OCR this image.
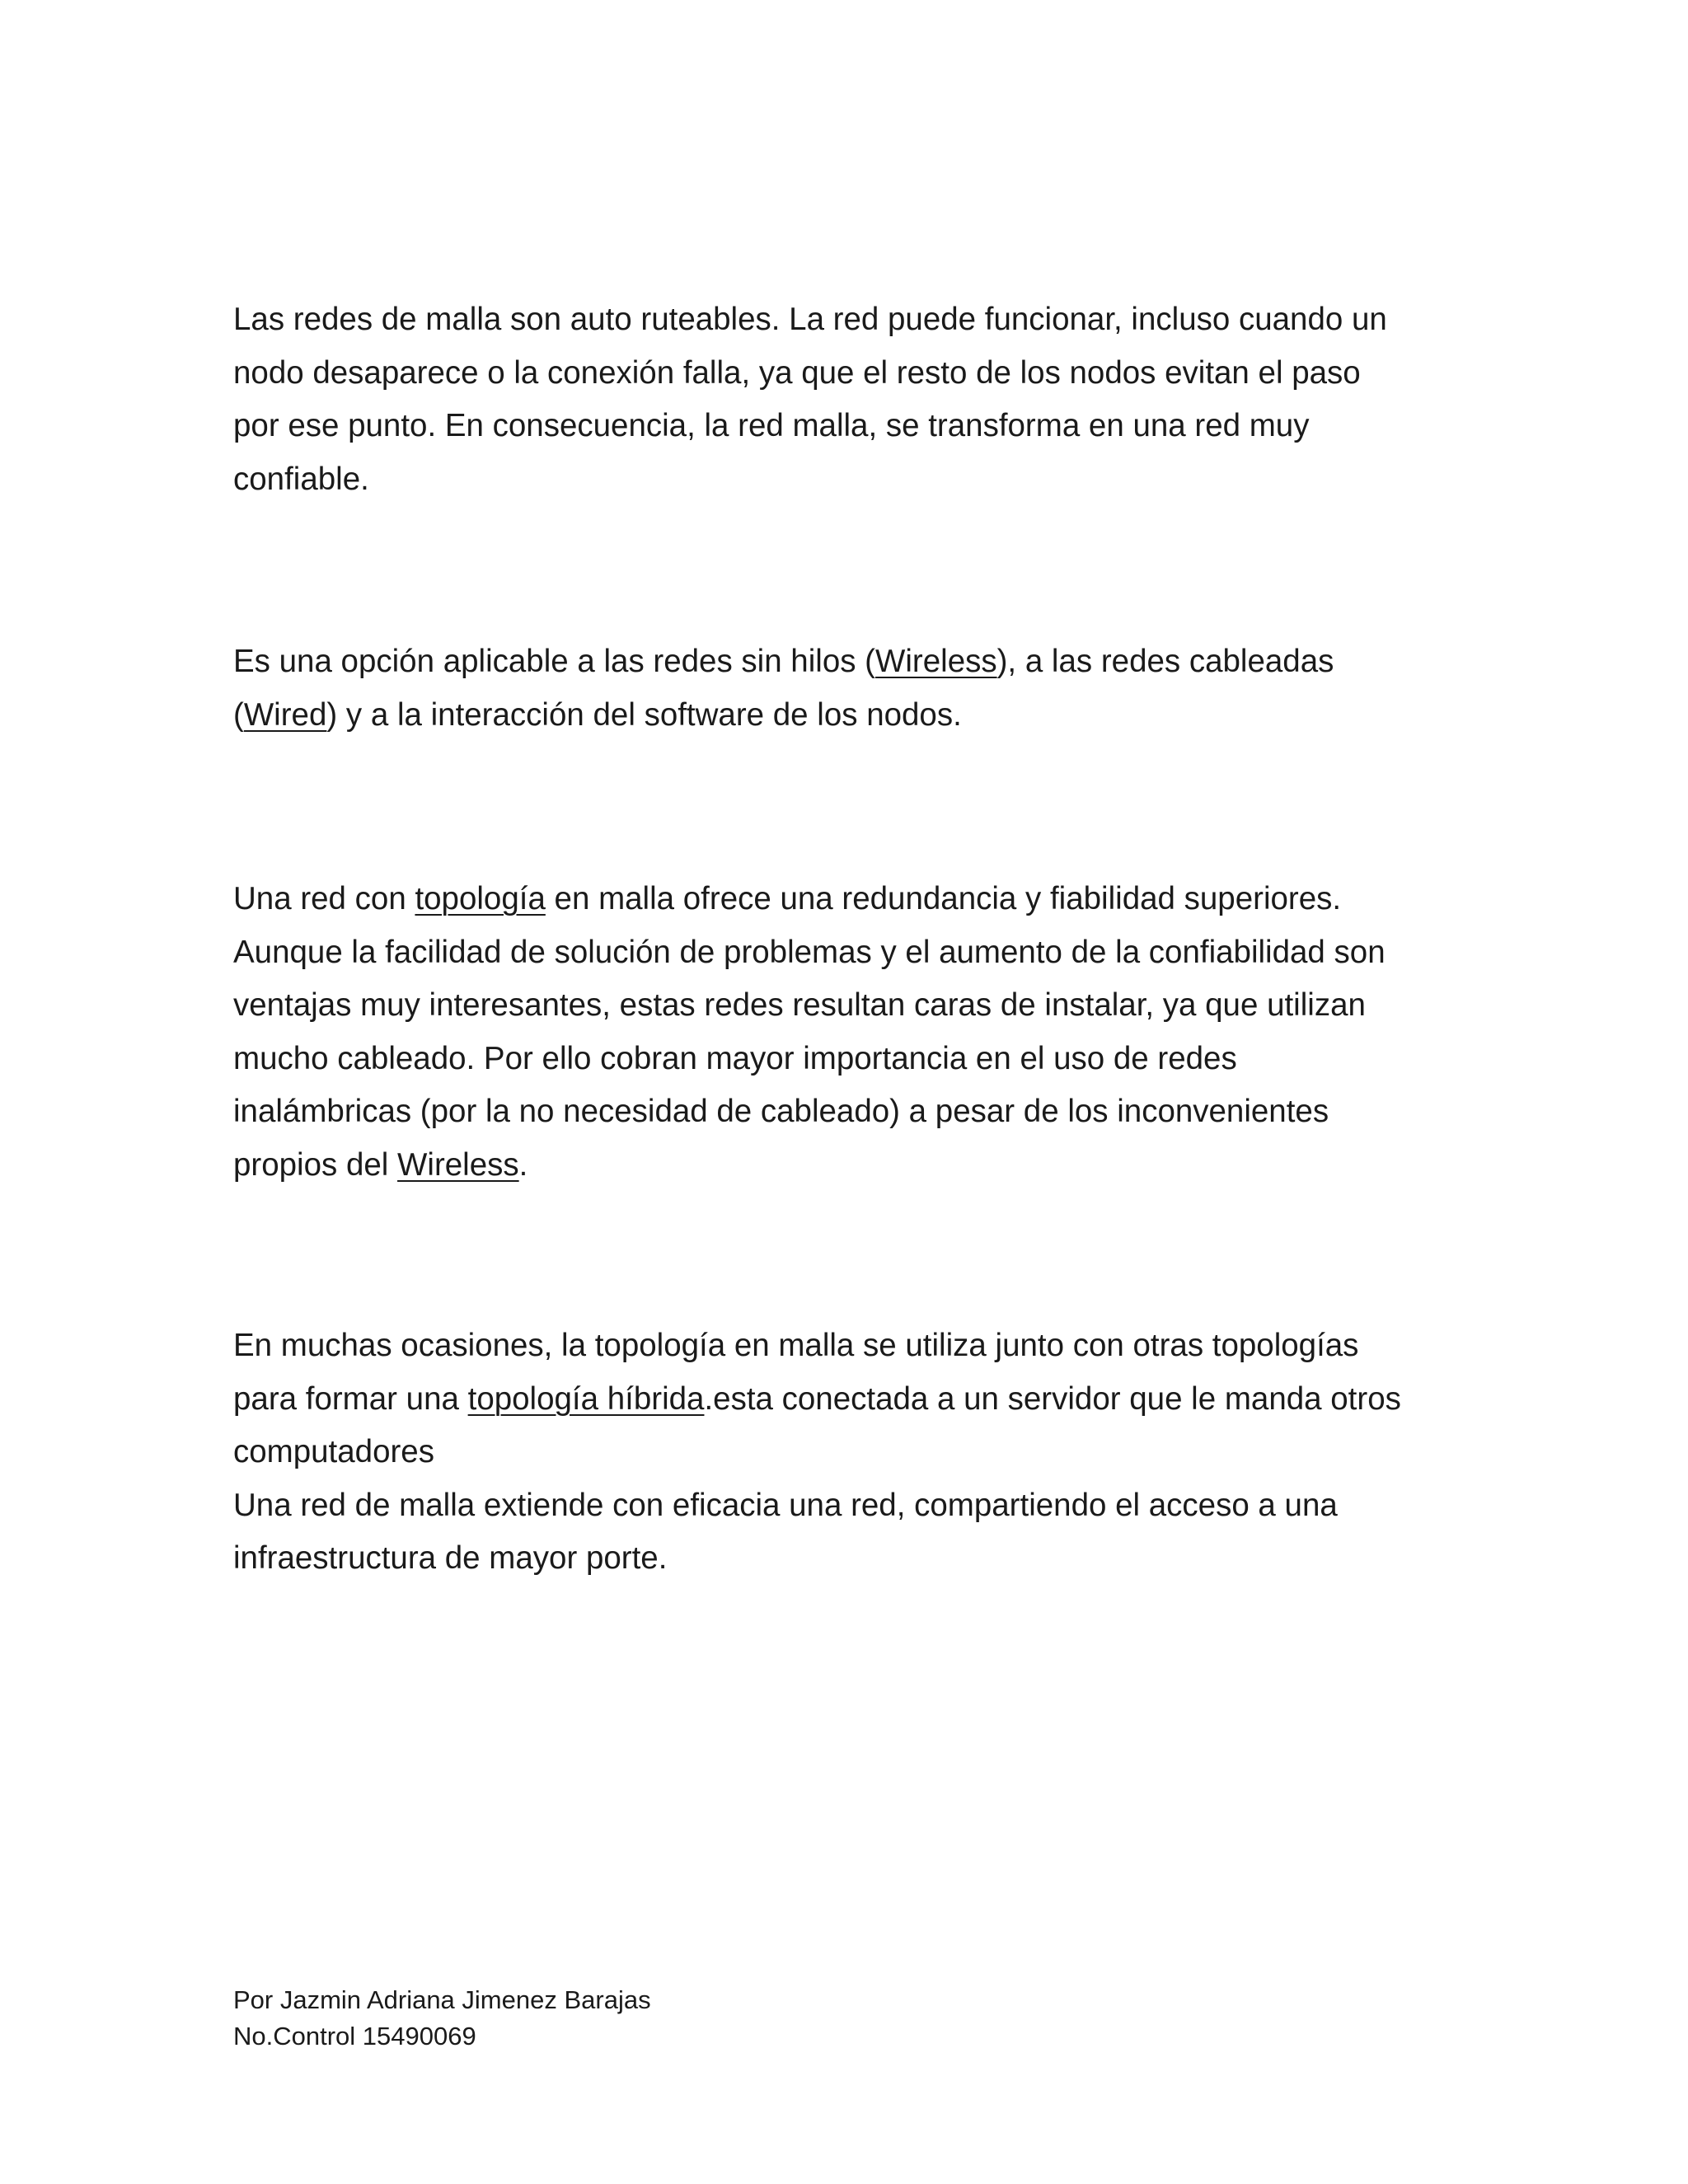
Las redes de malla son auto ruteables. La red puede funcionar, incluso cuando un
nodo desaparece o la conexión falla, ya que el resto de los nodos evitan el paso
por ese punto. En consecuencia, la red malla, se transforma en una red muy
confiable.

Es una opción aplicable a las redes sin hilos (Wireless), a las redes cableadas
(Wired) y a la interacción del software de los nodos.

Una red con topología en malla ofrece una redundancia y fiabilidad superiores.
Aunque la facilidad de solución de problemas y el aumento de la confiabilidad son
ventajas muy interesantes, estas redes resultan caras de instalar, ya que utilizan
mucho cableado. Por ello cobran mayor importancia en el uso de redes
inalámbricas (por la no necesidad de cableado) a pesar de los inconvenientes
propios del Wireless.

En muchas ocasiones, la topología en malla se utiliza junto con otras topologías
para formar una topología híbrida.esta conectada a un servidor que le manda otros
computadores
Una red de malla extiende con eficacia una red, compartiendo el acceso a una
infraestructura de mayor porte.

Por Jazmin Adriana Jimenez Barajas
No.Control 15490069
